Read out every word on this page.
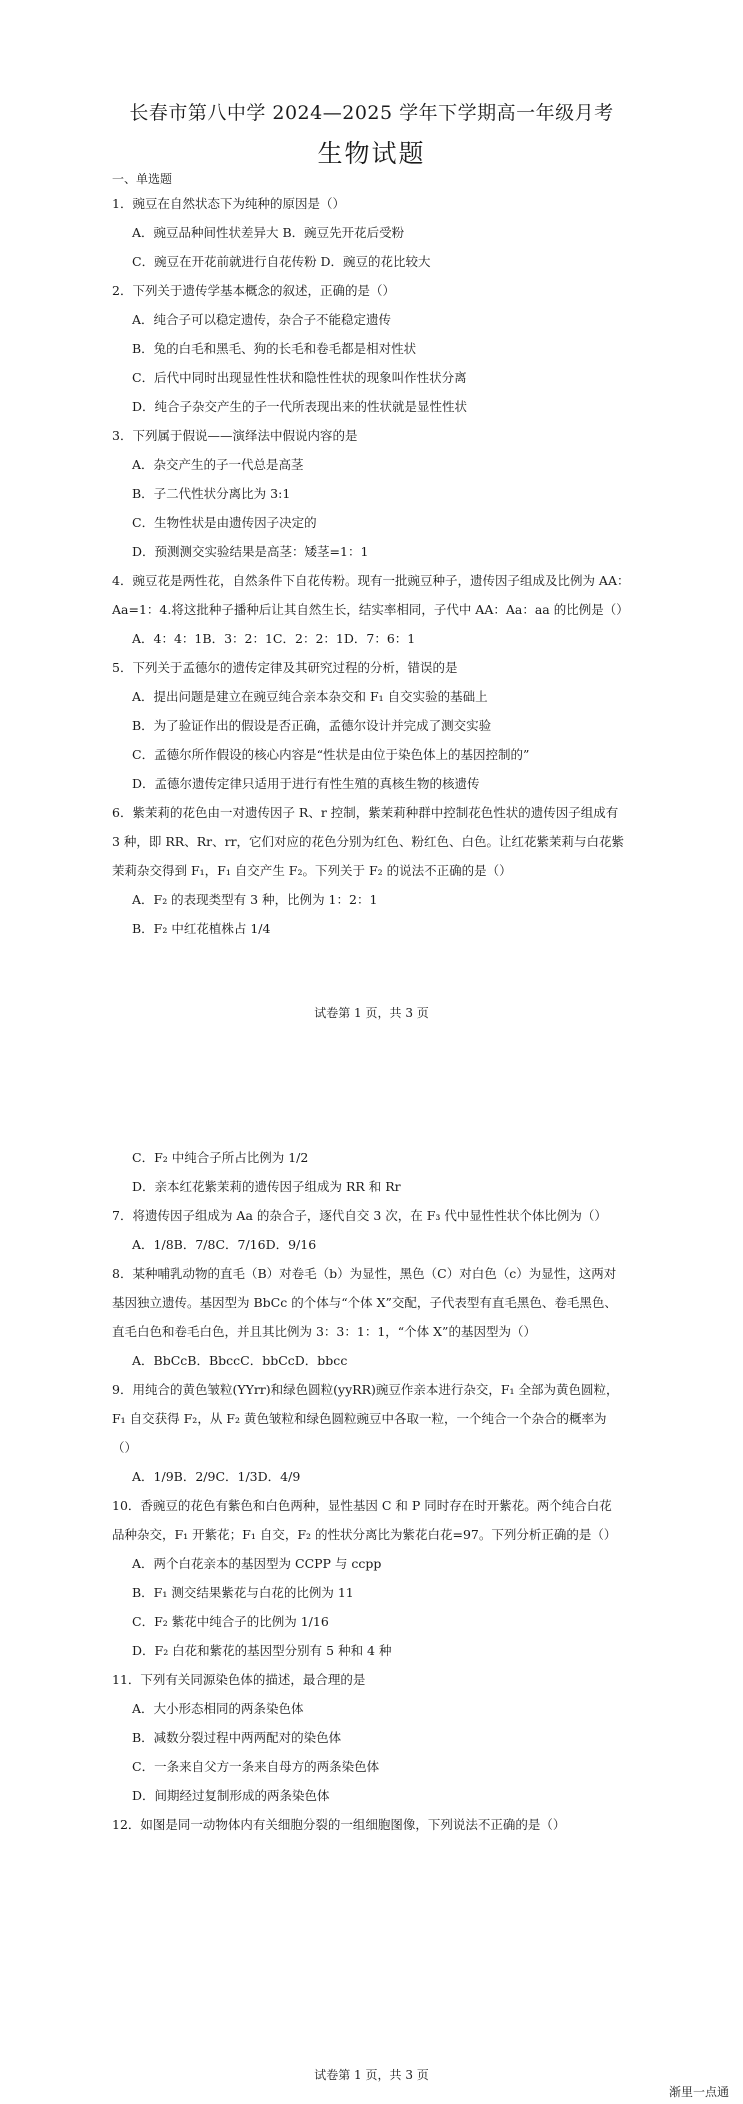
长春市第八中学 2024—2025 学年下学期高一年级月考
生物试题
一、单选题
1．豌豆在自然状态下为纯种的原因是（）
A．豌豆品种间性状差异大 B．豌豆先开花后受粉
C．豌豆在开花前就进行自花传粉 D．豌豆的花比较大
2．下列关于遗传学基本概念的叙述，正确的是（）
A．纯合子可以稳定遗传，杂合子不能稳定遗传
B．兔的白毛和黑毛、狗的长毛和卷毛都是相对性状
C．后代中同时出现显性性状和隐性性状的现象叫作性状分离
D．纯合子杂交产生的子一代所表现出来的性状就是显性性状
3．下列属于假说——演绎法中假说内容的是
A．杂交产生的子一代总是高茎
B．子二代性状分离比为 3:1
C．生物性状是由遗传因子决定的
D．预测测交实验结果是高茎：矮茎=1：1
4．豌豆花是两性花，自然条件下自花传粉。现有一批豌豆种子，遗传因子组成及比例为 AA：
Aa=1：4.将这批种子播种后让其自然生长，结实率相同，子代中 AA：Aa：aa 的比例是（）
A．4：4：1B．3：2：1C．2：2：1D．7：6：1
5．下列关于孟德尔的遗传定律及其研究过程的分析，错误的是
A．提出问题是建立在豌豆纯合亲本杂交和 F₁ 自交实验的基础上
B．为了验证作出的假设是否正确，孟德尔设计并完成了测交实验
C．孟德尔所作假设的核心内容是“性状是由位于染色体上的基因控制的”
D．孟德尔遗传定律只适用于进行有性生殖的真核生物的核遗传
6．紫茉莉的花色由一对遗传因子 R、r 控制，紫茉莉种群中控制花色性状的遗传因子组成有
3 种，即 RR、Rr、rr，它们对应的花色分别为红色、粉红色、白色。让红花紫茉莉与白花紫
茉莉杂交得到 F₁，F₁ 自交产生 F₂。下列关于 F₂ 的说法不正确的是（）
A．F₂ 的表现类型有 3 种，比例为 1：2：1
B．F₂ 中红花植株占 1/4
试卷第 1 页，共 3 页
C．F₂ 中纯合子所占比例为 1/2
D．亲本红花紫茉莉的遗传因子组成为 RR 和 Rr
7．将遗传因子组成为 Aa 的杂合子，逐代自交 3 次，在 F₃ 代中显性性状个体比例为（）
A．1/8B．7/8C．7/16D．9/16
8．某种哺乳动物的直毛（B）对卷毛（b）为显性，黑色（C）对白色（c）为显性，这两对
基因独立遗传。基因型为 BbCc 的个体与“个体 X”交配，子代表型有直毛黑色、卷毛黑色、
直毛白色和卷毛白色，并且其比例为 3：3：1：1，“个体 X”的基因型为（）
A．BbCcB．BbccC．bbCcD．bbcc
9．用纯合的黄色皱粒(YYrr)和绿色圆粒(yyRR)豌豆作亲本进行杂交，F₁ 全部为黄色圆粒，
F₁ 自交获得 F₂，从 F₂ 黄色皱粒和绿色圆粒豌豆中各取一粒，一个纯合一个杂合的概率为
（）
A．1/9B．2/9C．1/3D．4/9
10．香豌豆的花色有紫色和白色两种，显性基因 C 和 P 同时存在时开紫花。两个纯合白花
品种杂交，F₁ 开紫花；F₁ 自交，F₂ 的性状分离比为紫花白花=97。下列分析正确的是（）
A．两个白花亲本的基因型为 CCPP 与 ccpp
B．F₁ 测交结果紫花与白花的比例为 11
C．F₂ 紫花中纯合子的比例为 1/16
D．F₂ 白花和紫花的基因型分别有 5 种和 4 种
11．下列有关同源染色体的描述，最合理的是
A．大小形态相同的两条染色体
B．减数分裂过程中两两配对的染色体
C．一条来自父方一条来自母方的两条染色体
D．间期经过复制形成的两条染色体
12．如图是同一动物体内有关细胞分裂的一组细胞图像，下列说法不正确的是（）
试卷第 1 页，共 3 页
渐里一点通
